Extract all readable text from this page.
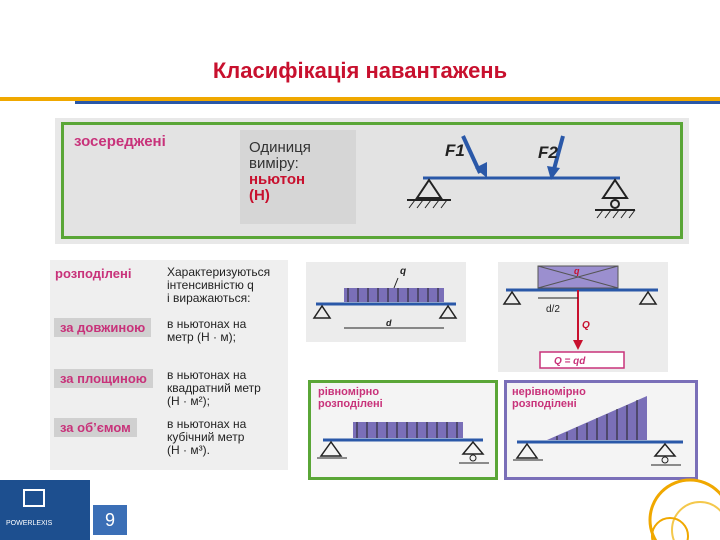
Класифікація навантажень
зосереджені	Одиниця
виміру:
ньютон
(Н)
F1	F2
розподілені	Характеризуються
інтенсивністю q
і виражаються:
за довжиною	в ньютонах на
метр (Н · м);
за площиною	в ньютонах на
квадратний метр
(Н · м²);
за об’ємом	в ньютонах на
кубічний метр
(Н · м³).
q
d
q
Q
d/2
Q = qd
рівномірно
розподілені
нерівномірно
розподілені
POWERLEXIS	9
